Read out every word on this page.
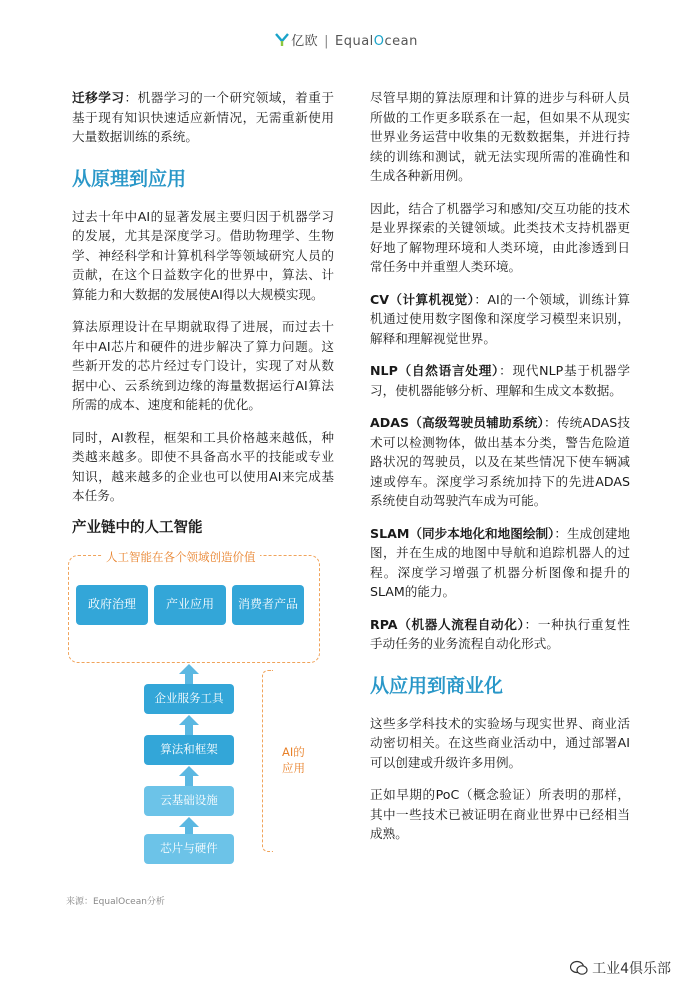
亿欧 | EqualOcean

迁移学习：机器学习的一个研究领域，着重于基于现有知识快速适应新情况，无需重新使用大量数据训练的系统。

从原理到应用

过去十年中AI的显著发展主要归因于机器学习的发展，尤其是深度学习。借助物理学、生物学、神经科学和计算机科学等领域研究人员的贡献，在这个日益数字化的世界中，算法、计算能力和大数据的发展使AI得以大规模实现。

算法原理设计在早期就取得了进展，而过去十年中AI芯片和硬件的进步解决了算力问题。这些新开发的芯片经过专门设计，实现了对从数据中心、云系统到边缘的海量数据运行AI算法所需的成本、速度和能耗的优化。

同时，AI教程，框架和工具价格越来越低，种类越来越多。即使不具备高水平的技能或专业知识，越来越多的企业也可以使用AI来完成基本任务。

产业链中的人工智能
人工智能在各个领域创造价值
政府治理	产业应用	消费者产品
企业服务工具
算法和框架
云基础设施
芯片与硬件
AI的应用
来源：EqualOcean分析

尽管早期的算法原理和计算的进步与科研人员所做的工作更多联系在一起，但如果不从现实世界业务运营中收集的无数数据集，并进行持续的训练和测试，就无法实现所需的准确性和生成各种新用例。

因此，结合了机器学习和感知/交互功能的技术是业界探索的关键领域。此类技术支持机器更好地了解物理环境和人类环境，由此渗透到日常任务中并重塑人类环境。

CV（计算机视觉）：AI的一个领域，训练计算机通过使用数字图像和深度学习模型来识别，解释和理解视觉世界。

NLP（自然语言处理）：现代NLP基于机器学习，使机器能够分析、理解和生成文本数据。

ADAS（高级驾驶员辅助系统）：传统ADAS技术可以检测物体，做出基本分类，警告危险道路状况的驾驶员，以及在某些情况下使车辆减速或停车。深度学习系统加持下的先进ADAS系统使自动驾驶汽车成为可能。

SLAM（同步本地化和地图绘制）：生成创建地图，并在生成的地图中导航和追踪机器人的过程。深度学习增强了机器分析图像和提升的SLAM的能力。

RPA（机器人流程自动化）：一种执行重复性手动任务的业务流程自动化形式。

从应用到商业化

这些多学科技术的实验场与现实世界、商业活动密切相关。在这些商业活动中，通过部署AI可以创建或升级许多用例。

正如早期的PoC（概念验证）所表明的那样，其中一些技术已被证明在商业世界中已经相当成熟。

工业4俱乐部
